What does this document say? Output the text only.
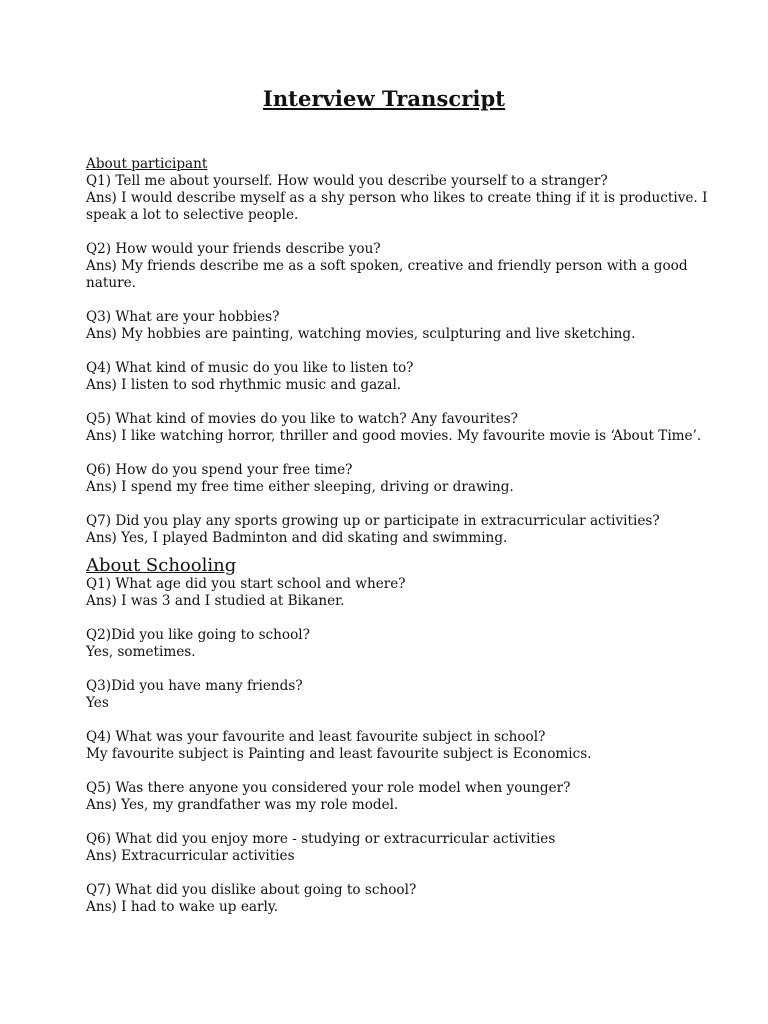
Interview Transcript
About participant
Q1) Tell me about yourself. How would you describe yourself to a stranger?
Ans) I would describe myself as a shy person who likes to create thing if it is productive. I
speak a lot to selective people.
Q2) How would your friends describe you?
Ans) My friends describe me as a soft spoken, creative and friendly person with a good
nature.
Q3) What are your hobbies?
Ans) My hobbies are painting, watching movies, sculpturing and live sketching.
Q4) What kind of music do you like to listen to?
Ans) I listen to sod rhythmic music and gazal.
Q5) What kind of movies do you like to watch? Any favourites?
Ans) I like watching horror, thriller and good movies. My favourite movie is ‘About Time’.
Q6) How do you spend your free time?
Ans) I spend my free time either sleeping, driving or drawing.
Q7) Did you play any sports growing up or participate in extracurricular activities?
Ans) Yes, I played Badminton and did skating and swimming.
About Schooling
Q1) What age did you start school and where?
Ans) I was 3 and I studied at Bikaner.
Q2)Did you like going to school?
Yes, sometimes.
Q3)Did you have many friends?
Yes
Q4) What was your favourite and least favourite subject in school?
My favourite subject is Painting and least favourite subject is Economics.
Q5) Was there anyone you considered your role model when younger?
Ans) Yes, my grandfather was my role model.
Q6) What did you enjoy more - studying or extracurricular activities
Ans) Extracurricular activities
Q7) What did you dislike about going to school?
Ans) I had to wake up early.
